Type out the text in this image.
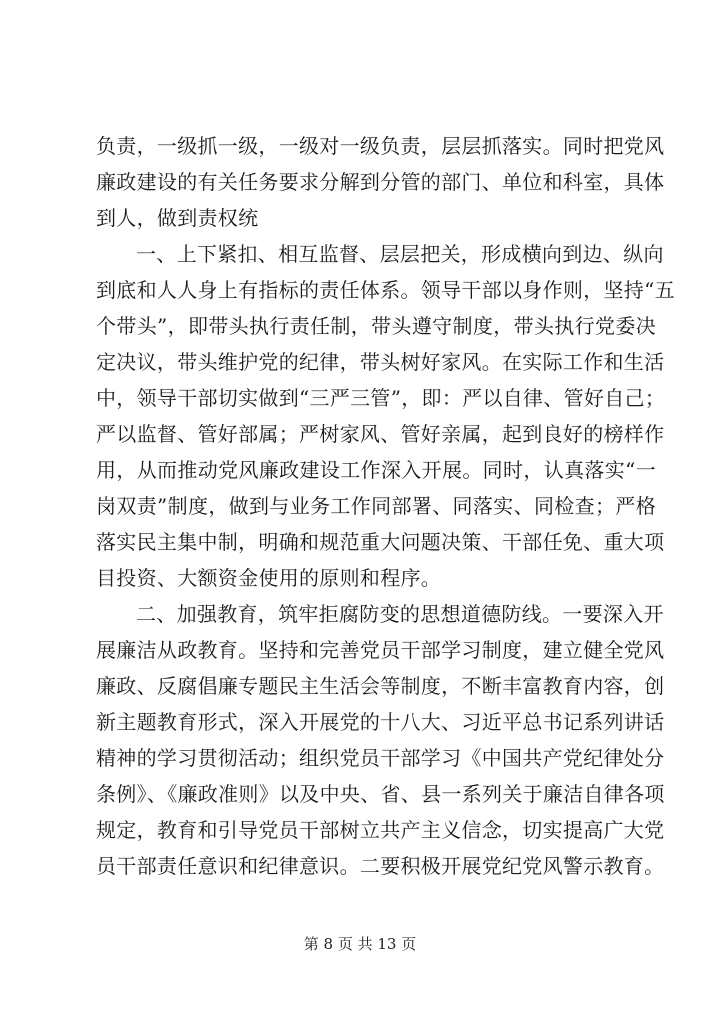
负责，一级抓一级，一级对一级负责，层层抓落实。同时把党风
廉政建设的有关任务要求分解到分管的部门、单位和科室，具体
到人，做到责权统
一、上下紧扣、相互监督、层层把关，形成横向到边、纵向
到底和人人身上有指标的责任体系。领导干部以身作则，坚持“五
个带头”，即带头执行责任制，带头遵守制度，带头执行党委决
定决议，带头维护党的纪律，带头树好家风。在实际工作和生活
中，领导干部切实做到“三严三管”，即：严以自律、管好自己；
严以监督、管好部属；严树家风、管好亲属，起到良好的榜样作
用，从而推动党风廉政建设工作深入开展。同时，认真落实“一
岗双责”制度，做到与业务工作同部署、同落实、同检查；严格
落实民主集中制，明确和规范重大问题决策、干部任免、重大项
目投资、大额资金使用的原则和程序。
二、加强教育，筑牢拒腐防变的思想道德防线。一要深入开
展廉洁从政教育。坚持和完善党员干部学习制度，建立健全党风
廉政、反腐倡廉专题民主生活会等制度，不断丰富教育内容，创
新主题教育形式，深入开展党的十八大、习近平总书记系列讲话
精神的学习贯彻活动；组织党员干部学习《中国共产党纪律处分
条例》、《廉政准则》以及中央、省、县一系列关于廉洁自律各项
规定，教育和引导党员干部树立共产主义信念，切实提高广大党
员干部责任意识和纪律意识。二要积极开展党纪党风警示教育。
第 8 页 共 13 页
